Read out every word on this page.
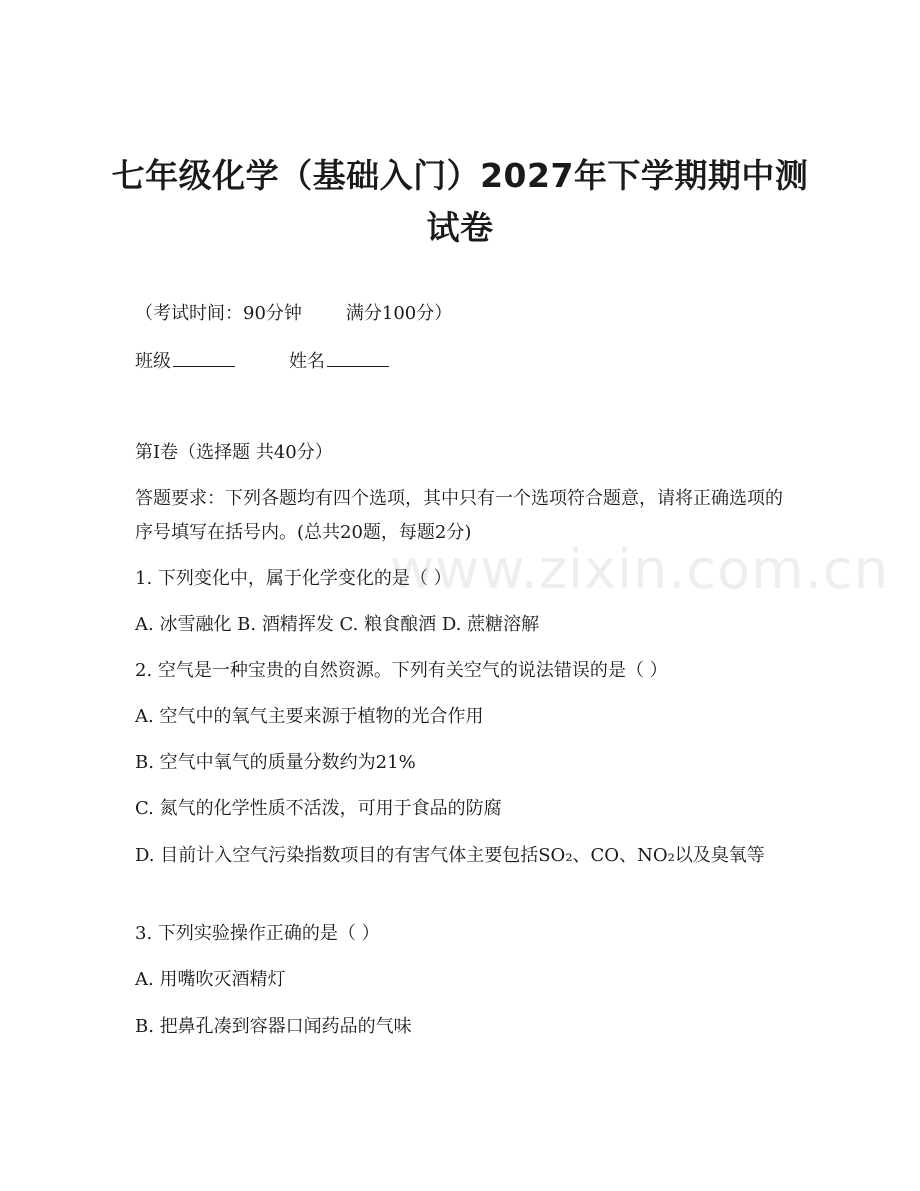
七年级化学（基础入门）2027年下学期期中测试卷
（考试时间：90分钟 满分100分）
班级	姓名
第I卷（选择题 共40分）
答题要求：下列各题均有四个选项，其中只有一个选项符合题意，请将正确选项的序号填写在括号内。(总共20题，每题2分)
1. 下列变化中，属于化学变化的是（ ）
A. 冰雪融化 B. 酒精挥发 C. 粮食酿酒 D. 蔗糖溶解
2. 空气是一种宝贵的自然资源。下列有关空气的说法错误的是（ ）
A. 空气中的氧气主要来源于植物的光合作用
B. 空气中氧气的质量分数约为21%
C. 氮气的化学性质不活泼，可用于食品的防腐
D. 目前计入空气污染指数项目的有害气体主要包括SO₂、CO、NO₂以及臭氧等
3. 下列实验操作正确的是（ ）
A. 用嘴吹灭酒精灯
B. 把鼻孔凑到容器口闻药品的气味
www.zixin.com.cn
